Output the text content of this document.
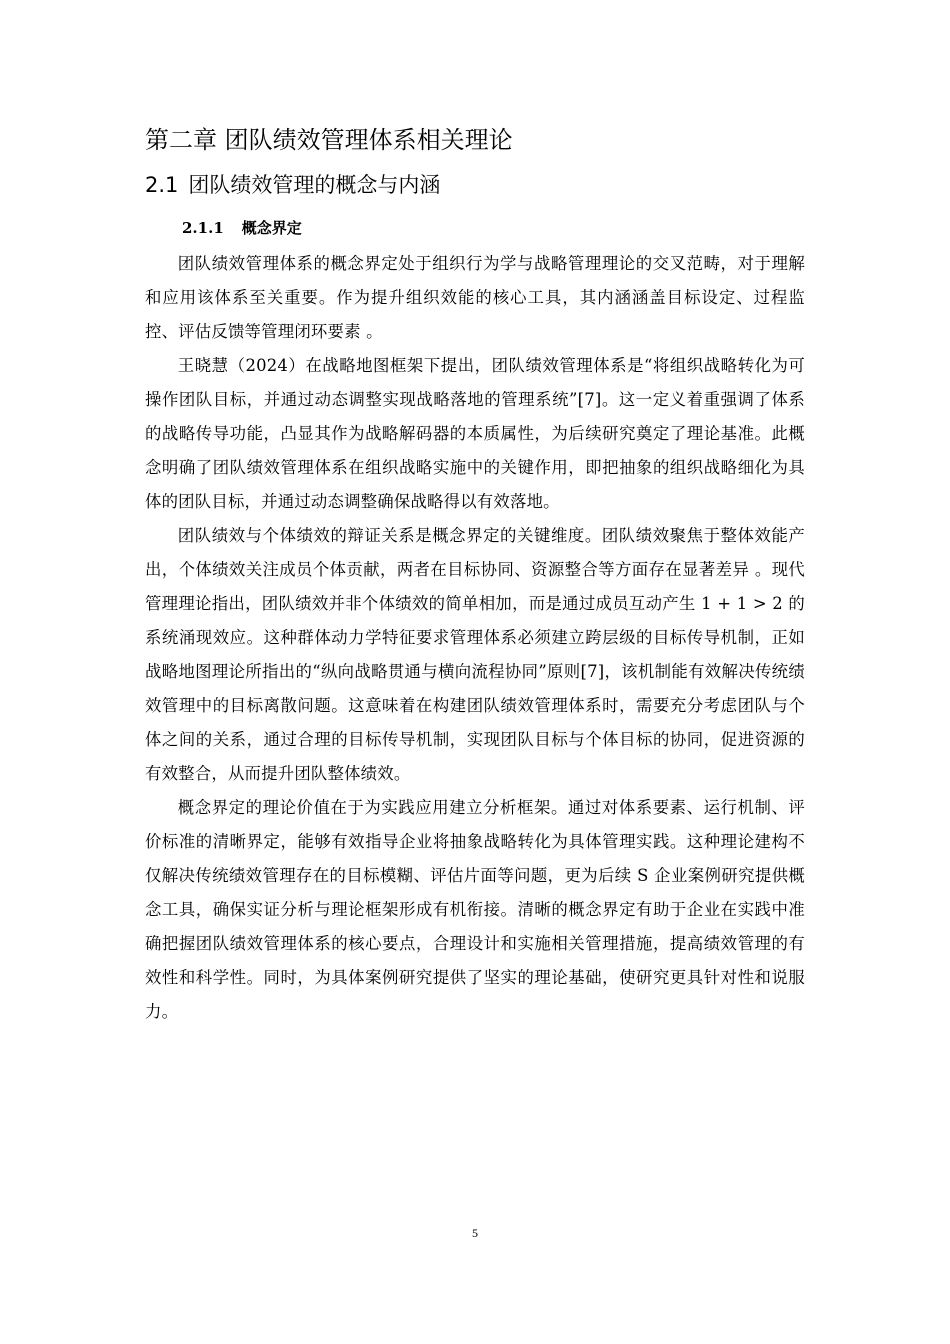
第二章 团队绩效管理体系相关理论
2.1 团队绩效管理的概念与内涵
2.1.1 概念界定

团队绩效管理体系的概念界定处于组织行为学与战略管理理论的交叉范畴，对于理解和应用该体系至关重要。作为提升组织效能的核心工具，其内涵涵盖目标设定、过程监控、评估反馈等管理闭环要素 。

王晓慧（2024）在战略地图框架下提出，团队绩效管理体系是“将组织战略转化为可操作团队目标，并通过动态调整实现战略落地的管理系统”[7]。这一定义着重强调了体系的战略传导功能，凸显其作为战略解码器的本质属性，为后续研究奠定了理论基准。此概念明确了团队绩效管理体系在组织战略实施中的关键作用，即把抽象的组织战略细化为具体的团队目标，并通过动态调整确保战略得以有效落地。

团队绩效与个体绩效的辩证关系是概念界定的关键维度。团队绩效聚焦于整体效能产出，个体绩效关注成员个体贡献，两者在目标协同、资源整合等方面存在显著差异 。现代管理理论指出，团队绩效并非个体绩效的简单相加，而是通过成员互动产生 1 + 1 > 2 的系统涌现效应。这种群体动力学特征要求管理体系必须建立跨层级的目标传导机制，正如战略地图理论所指出的“纵向战略贯通与横向流程协同”原则[7]，该机制能有效解决传统绩效管理中的目标离散问题。这意味着在构建团队绩效管理体系时，需要充分考虑团队与个体之间的关系，通过合理的目标传导机制，实现团队目标与个体目标的协同，促进资源的有效整合，从而提升团队整体绩效。

概念界定的理论价值在于为实践应用建立分析框架。通过对体系要素、运行机制、评价标准的清晰界定，能够有效指导企业将抽象战略转化为具体管理实践。这种理论建构不仅解决传统绩效管理存在的目标模糊、评估片面等问题，更为后续 S 企业案例研究提供概念工具，确保实证分析与理论框架形成有机衔接。清晰的概念界定有助于企业在实践中准确把握团队绩效管理体系的核心要点，合理设计和实施相关管理措施，提高绩效管理的有效性和科学性。同时，为具体案例研究提供了坚实的理论基础，使研究更具针对性和说服力。

5
